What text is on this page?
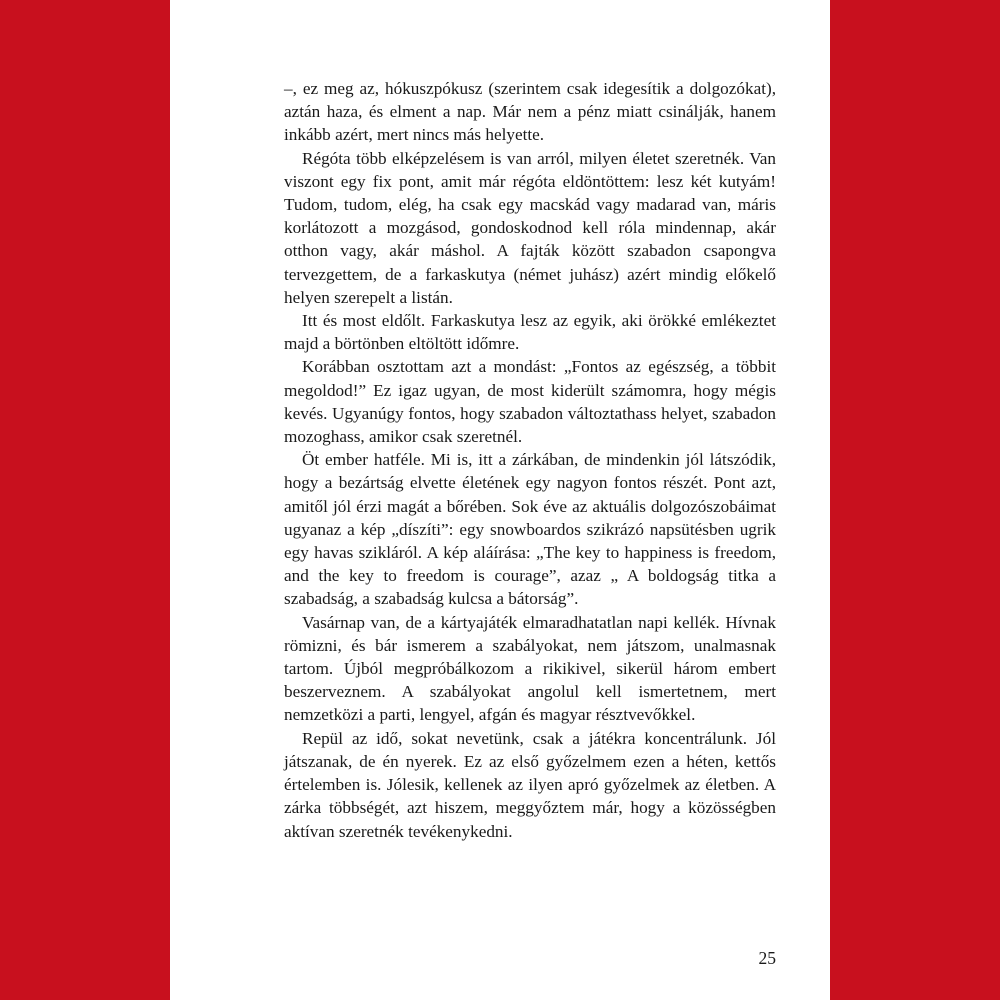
–, ez meg az, hókuszpókusz (szerintem csak idegesítik a dolgozókat), aztán haza, és elment a nap. Már nem a pénz miatt csinálják, hanem inkább azért, mert nincs más helyette.

Régóta több elképzelésem is van arról, milyen életet szeretnék. Van viszont egy fix pont, amit már régóta eldöntöttem: lesz két kutyám! Tudom, tudom, elég, ha csak egy macskád vagy madarad van, máris korlátozott a mozgásod, gondoskodnod kell róla mindennap, akár otthon vagy, akár máshol. A fajták között szabadon csapongva tervezgettem, de a farkaskutya (német juhász) azért mindig előkelő helyen szerepelt a listán.

Itt és most eldőlt. Farkaskutya lesz az egyik, aki örökké emlékeztet majd a börtönben eltöltött időmre.

Korábban osztottam azt a mondást: „Fontos az egészség, a többit megoldod!” Ez igaz ugyan, de most kiderült számomra, hogy mégis kevés. Ugyanúgy fontos, hogy szabadon változtathass helyet, szabadon mozoghass, amikor csak szeretnél.

Öt ember hatféle. Mi is, itt a zárkában, de mindenkin jól látszódik, hogy a bezártság elvette életének egy nagyon fontos részét. Pont azt, amitől jól érzi magát a bőrében. Sok éve az aktuális dolgozószobáimat ugyanaz a kép „díszíti”: egy snowboardos szikrázó napsütésben ugrik egy havas szikláról. A kép aláírása: „The key to happiness is freedom, and the key to freedom is courage”, azaz „ A boldogság titka a szabadság, a szabadság kulcsa a bátorság”.

Vasárnap van, de a kártyajáték elmaradhatatlan napi kellék. Hívnak römizni, és bár ismerem a szabályokat, nem játszom, unalmasnak tartom. Újból megpróbálkozom a rikikivel, sikerül három embert beszerveznem. A szabályokat angolul kell ismertetnem, mert nemzetközi a parti, lengyel, afgán és magyar résztvevőkkel.

Repül az idő, sokat nevetünk, csak a játékra koncentrálunk. Jól játszanak, de én nyerek. Ez az első győzelmem ezen a héten, kettős értelemben is. Jólesik, kellenek az ilyen apró győzelmek az életben. A zárka többségét, azt hiszem, meggyőztem már, hogy a közösségben aktívan szeretnék tevékenykedni.

25
